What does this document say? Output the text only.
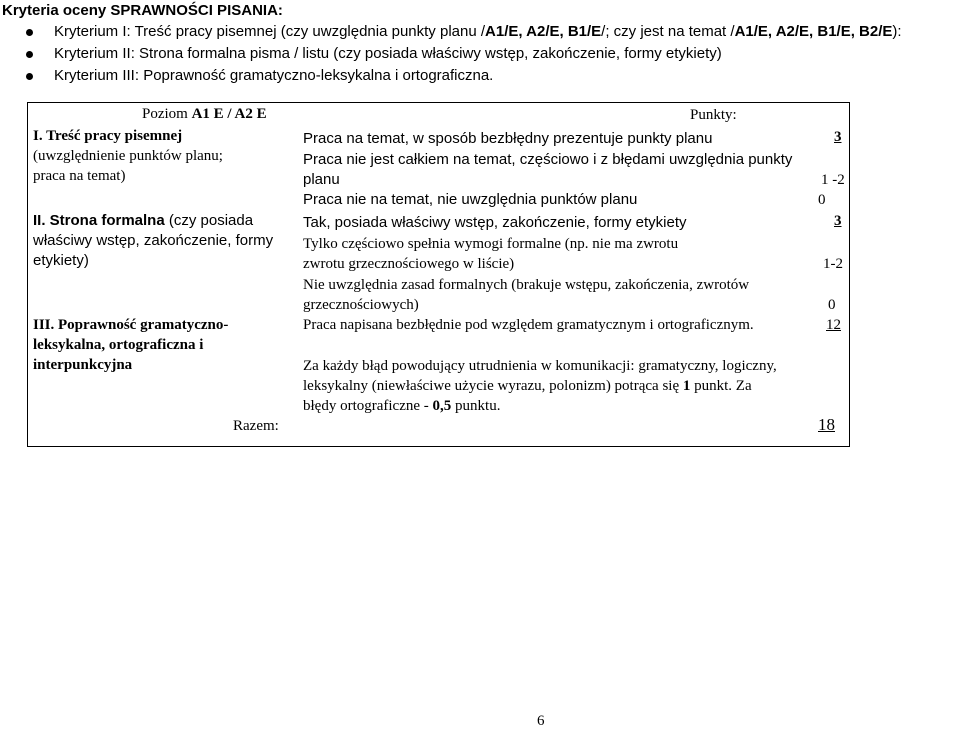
Kryteria oceny SPRAWNOŚCI PISANIA:
Kryterium I: Treść pracy pisemnej (czy uwzględnia punkty planu /A1/E, A2/E, B1/E/; czy jest na temat /A1/E, A2/E, B1/E, B2/E):
Kryterium II: Strona formalna pisma / listu (czy posiada właściwy wstęp, zakończenie, formy etykiety)
Kryterium III: Poprawność gramatyczno-leksykalna i ortograficzna.
Poziom A1 E / A2 E	Punkty:
I. Treść pracy pisemnej
(uwzględnienie punktów planu;
praca na temat)
Praca na temat, w sposób bezbłędny prezentuje punkty planu	3
Praca nie jest całkiem na temat, częściowo i z błędami uwzględnia punkty
planu	1 -2
Praca nie na temat, nie uwzględnia punktów planu	0
II. Strona formalna (czy posiada
właściwy wstęp, zakończenie, formy
etykiety)
Tak, posiada właściwy wstęp, zakończenie, formy etykiety	3
Tylko częściowo spełnia wymogi formalne (np. nie ma zwrotu
zwrotu grzecznościowego w liście)	1-2
Nie uwzględnia zasad formalnych (brakuje wstępu, zakończenia, zwrotów
grzecznościowych)	0
III. Poprawność gramatyczno-
leksykalna, ortograficzna i
interpunkcyjna
Praca napisana bezbłędnie pod względem gramatycznym i ortograficznym.	12
Za każdy błąd powodujący utrudnienia w komunikacji: gramatyczny, logiczny,
leksykalny (niewłaściwe użycie wyrazu, polonizm) potrąca się 1 punkt. Za
błędy ortograficzne - 0,5 punktu.
Razem:	18
6
